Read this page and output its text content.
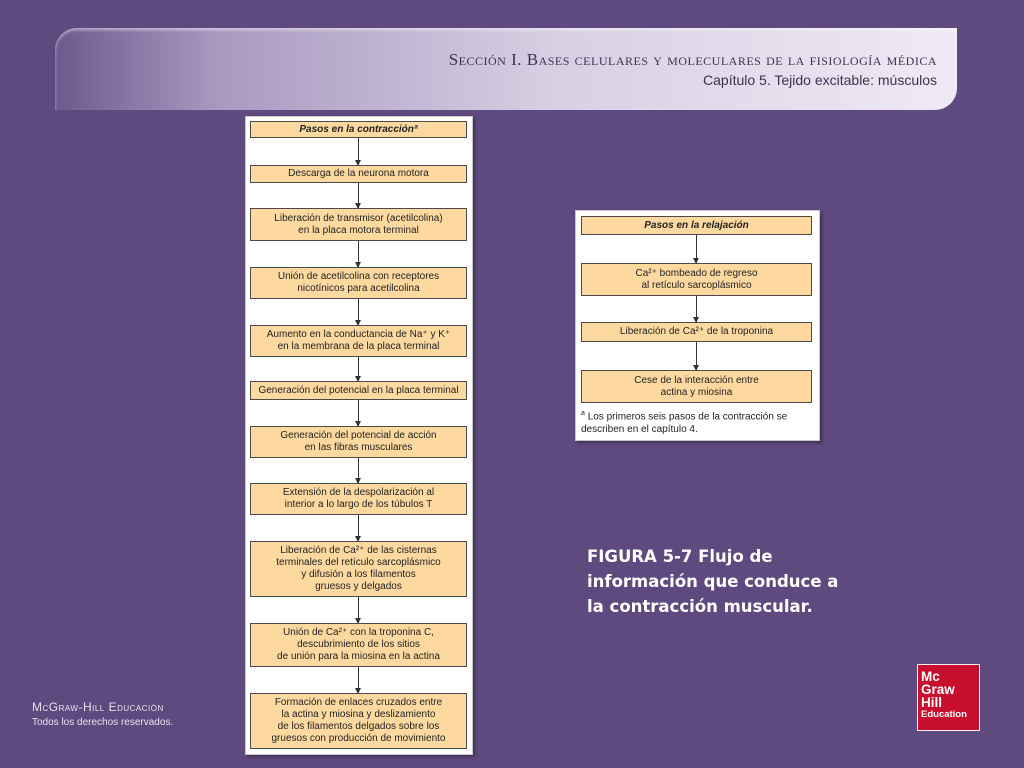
Sección I. Bases celulares y moleculares de la fisiología médica
Capítulo 5. Tejido excitable: músculos
Pasos en la contracciónª
Descarga de la neurona motora
Liberación de transmisor (acetilcolina)
en la placa motora terminal
Unión de acetilcolina con receptores
nicotínicos para acetilcolina
Aumento en la conductancia de Na⁺ y K⁺
en la membrana de la placa terminal
Generación del potencial en la placa terminal
Generación del potencial de acción
en las fibras musculares
Extensión de la despolarización al
interior a lo largo de los túbulos T
Liberación de Ca²⁺ de las cisternas
terminales del retículo sarcoplásmico
y difusión a los filamentos
gruesos y delgados
Unión de Ca²⁺ con la troponina C,
descubrimiento de los sitios
de unión para la miosina en la actina
Formación de enlaces cruzados entre
la actina y miosina y deslizamiento
de los filamentos delgados sobre los
gruesos con producción de movimiento
Pasos en la relajación
Ca²⁺ bombeado de regreso
al retículo sarcoplásmico
Liberación de Ca²⁺ de la troponina
Cese de la interacción entre
actina y miosina
$^a$ Los primeros seis pasos de la contracción se describen en el capítulo 4.
FIGURA 5-7 Flujo de información que conduce a la contracción muscular.
McGraw-Hill Educación
Todos los derechos reservados.
Mc
Graw
Hill
Education
